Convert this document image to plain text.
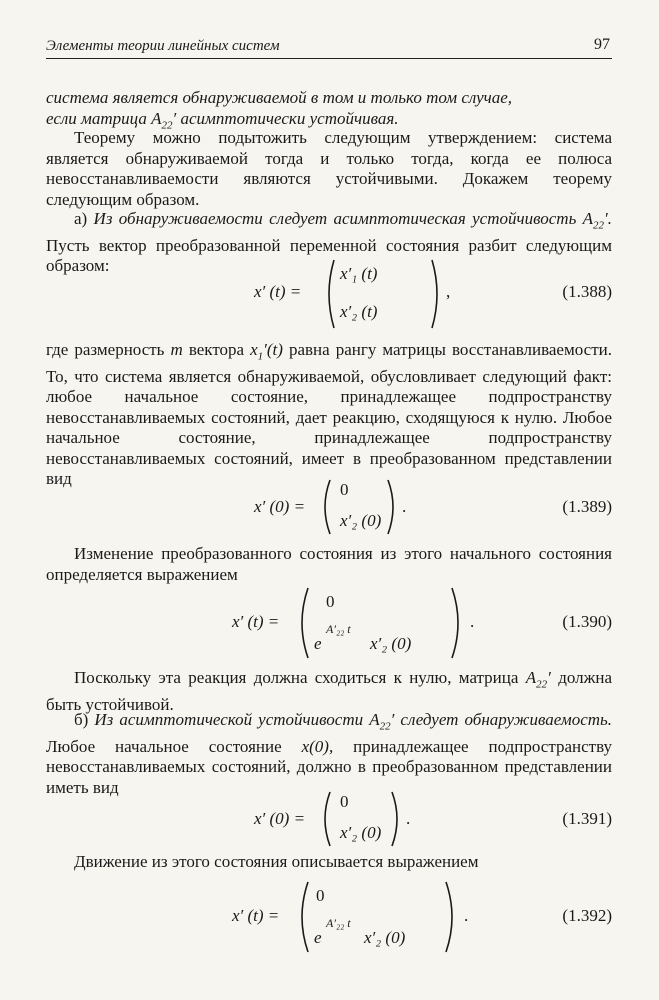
Элементы теории линейных систем	97

система является обнаруживаемой в том и только том случае,
если матрица $A_{22}'$ асимптотически устойчивая.

Теорему можно подытожить следующим утверждением: система является обнаруживаемой тогда и только тогда, когда ее полюса невосстанавливаемости являются устойчивыми. Докажем теорему следующим образом.

а) Из обнаруживаемости следует асимптотическая устойчивость $A_{22}'$. Пусть вектор преобразованной переменной состояния разбит следующим образом:

x′ (t) =
x′₁ (t)
x′₂ (t)
,	(1.388)

где размерность m вектора $x_1'(t)$ равна рангу матрицы восстанавливаемости. То, что система является обнаруживаемой, обусловливает следующий факт: любое начальное состояние, принадлежащее подпространству невосстанавливаемых состояний, дает реакцию, сходящуюся к нулю. Любое начальное состояние, принадлежащее подпространству невосстанавливаемых состояний, имеет в преобразованном представлении вид

x′ (0) =
0
x′₂ (0)
.	(1.389)

Изменение преобразованного состояния из этого начального состояния определяется выражением

x′ (t) =
0
e
A′₂₂ t
x′₂ (0)
.	(1.390)

Поскольку эта реакция должна сходиться к нулю, матрица $A_{22}'$ должна быть устойчивой.

б) Из асимптотической устойчивости $A_{22}'$ следует обнаруживаемость. Любое начальное состояние x(0), принадлежащее подпространству невосстанавливаемых состояний, должно в преобразованном представлении иметь вид

x′ (0) =
0
x′₂ (0)
.	(1.391)

Движение из этого состояния описывается выражением

x′ (t) =
0
e
A′₂₂ t
x′₂ (0)
.	(1.392)
